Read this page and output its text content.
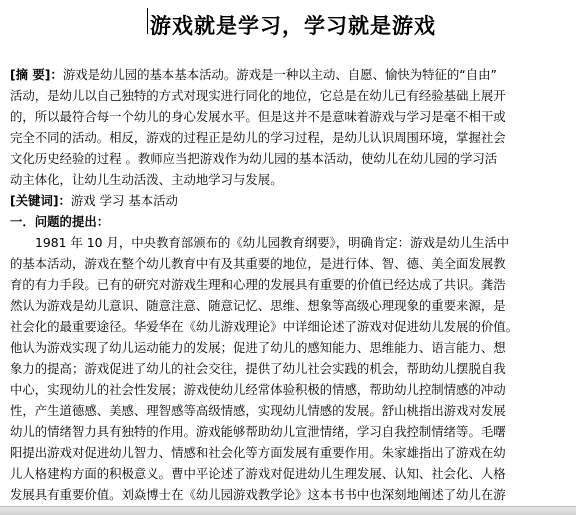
游戏就是学习，学习就是游戏
[摘 要]：游戏是幼儿园的基本基本活动。游戏是一种以主动、自愿、愉快为特征的“自由”
活动，是幼儿以自己独特的方式对现实进行同化的地位，它总是在幼儿已有经验基础上展开
的，所以最符合每一个幼儿的身心发展水平。但是这并不是意味着游戏与学习是毫不相干或
完全不同的活动。相反，游戏的过程正是幼儿的学习过程，是幼儿认识周围环境，掌握社会
文化历史经验的过程 。教师应当把游戏作为幼儿园的基本活动，使幼儿在幼儿园的学习活
动主体化，让幼儿生动活泼、主动地学习与发展。
[关键词]：游戏 学习 基本活动
一．问题的提出：
1981 年 10 月，中央教育部颁布的《幼儿园教育纲要》，明确肯定：游戏是幼儿生活中
的基本活动，游戏在整个幼儿教育中有及其重要的地位，是进行体、智、德、美全面发展教
育的有力手段。已有的研究对游戏生理和心理的发展具有重要的价值已经达成了共识。龚浩
然认为游戏是幼儿意识、随意注意、随意记忆、思维、想象等高级心理现象的重要来源，是
社会化的最重要途径。华爱华在《幼儿游戏理论》中详细论述了游戏对促进幼儿发展的价值。
他认为游戏实现了幼儿运动能力的发展；促进了幼儿的感知能力、思维能力、语言能力、想
象力的提高；游戏促进了幼儿的社会交往，提供了幼儿社会实践的机会，帮助幼儿摆脱自我
中心，实现幼儿的社会性发展；游戏使幼儿经常体验积极的情感，帮助幼儿控制情感的冲动
性，产生道德感、美感、理智感等高级情感，实现幼儿情感的发展。舒山桃指出游戏对发展
幼儿的情绪智力具有独特的作用。游戏能够帮助幼儿宣泄情绪，学习自我控制情绪等。毛曙
阳提出游戏对促进幼儿智力、情感和社会化等方面发展有重要作用。朱家雄指出了游戏在幼
儿人格建构方面的积极意义。曹中平论述了游戏对促进幼儿生理发展、认知、社会化、人格
发展具有重要价值。刘焱博士在《幼儿园游戏教学论》这本书书中也深刻地阐述了幼儿在游
